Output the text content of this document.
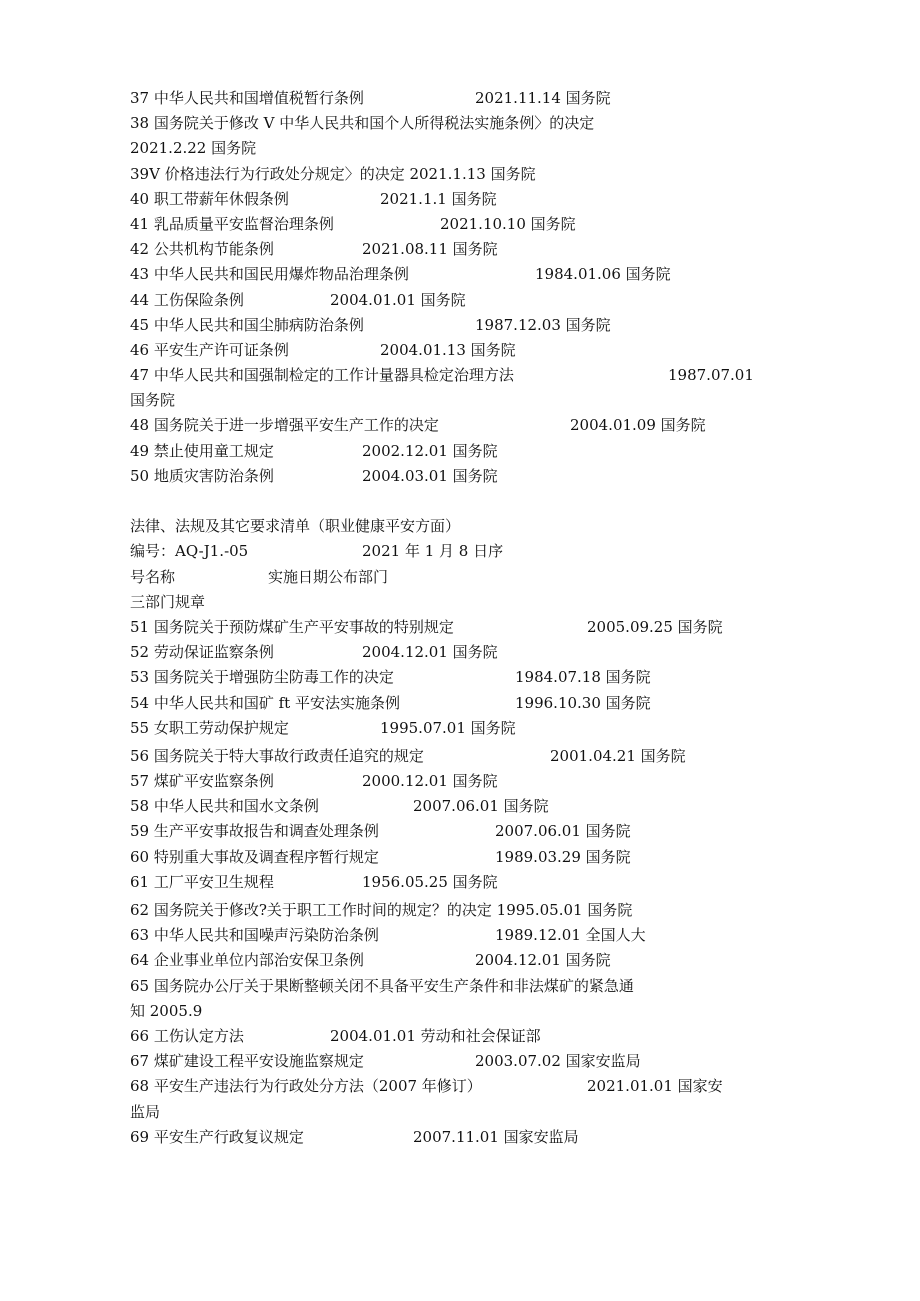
37 中华人民共和国增值税暂行条例	2021.11.14 国务院
38 国务院关于修改 V 中华人民共和国个人所得税法实施条例〉的决定
2021.2.22 国务院
39V 价格违法行为行政处分规定〉的决定 2021.1.13 国务院
40 职工带薪年休假条例	2021.1.1 国务院
41 乳品质量平安监督治理条例	2021.10.10 国务院
42 公共机构节能条例	2021.08.11 国务院
43 中华人民共和国民用爆炸物品治理条例	1984.01.06 国务院
44 工伤保险条例	2004.01.01 国务院
45 中华人民共和国尘肺病防治条例	1987.12.03 国务院
46 平安生产许可证条例	2004.01.13 国务院
47 中华人民共和国强制检定的工作计量器具检定治理方法	1987.07.01
国务院
48 国务院关于进一步增强平安生产工作的决定	2004.01.09 国务院
49 禁止使用童工规定	2002.12.01 国务院
50 地质灾害防治条例	2004.03.01 国务院
法律、法规及其它要求清单（职业健康平安方面）
编号：AQ-J1.-05	2021 年 1 月 8 日序
号名称	实施日期公布部门
三部门规章
51 国务院关于预防煤矿生产平安事故的特别规定	2005.09.25 国务院
52 劳动保证监察条例	2004.12.01 国务院
53 国务院关于增强防尘防毒工作的决定	1984.07.18 国务院
54 中华人民共和国矿 ft 平安法实施条例	1996.10.30 国务院
55 女职工劳动保护规定	1995.07.01 国务院
56 国务院关于特大事故行政责任追究的规定	2001.04.21 国务院
57 煤矿平安监察条例	2000.12.01 国务院
58 中华人民共和国水文条例	2007.06.01 国务院
59 生产平安事故报告和调查处理条例	2007.06.01 国务院
60 特别重大事故及调查程序暂行规定	1989.03.29 国务院
61 工厂平安卫生规程	1956.05.25 国务院
62 国务院关于修改?关于职工工作时间的规定？的决定 1995.05.01 国务院
63 中华人民共和国噪声污染防治条例	1989.12.01 全国人大
64 企业事业单位内部治安保卫条例	2004.12.01 国务院
65 国务院办公厅关于果断整顿关闭不具备平安生产条件和非法煤矿的紧急通
知 2005.9
66 工伤认定方法	2004.01.01 劳动和社会保证部
67 煤矿建设工程平安设施监察规定	2003.07.02 国家安监局
68 平安生产违法行为行政处分方法（2007 年修订）	2021.01.01 国家安
监局
69 平安生产行政复议规定	2007.11.01 国家安监局
